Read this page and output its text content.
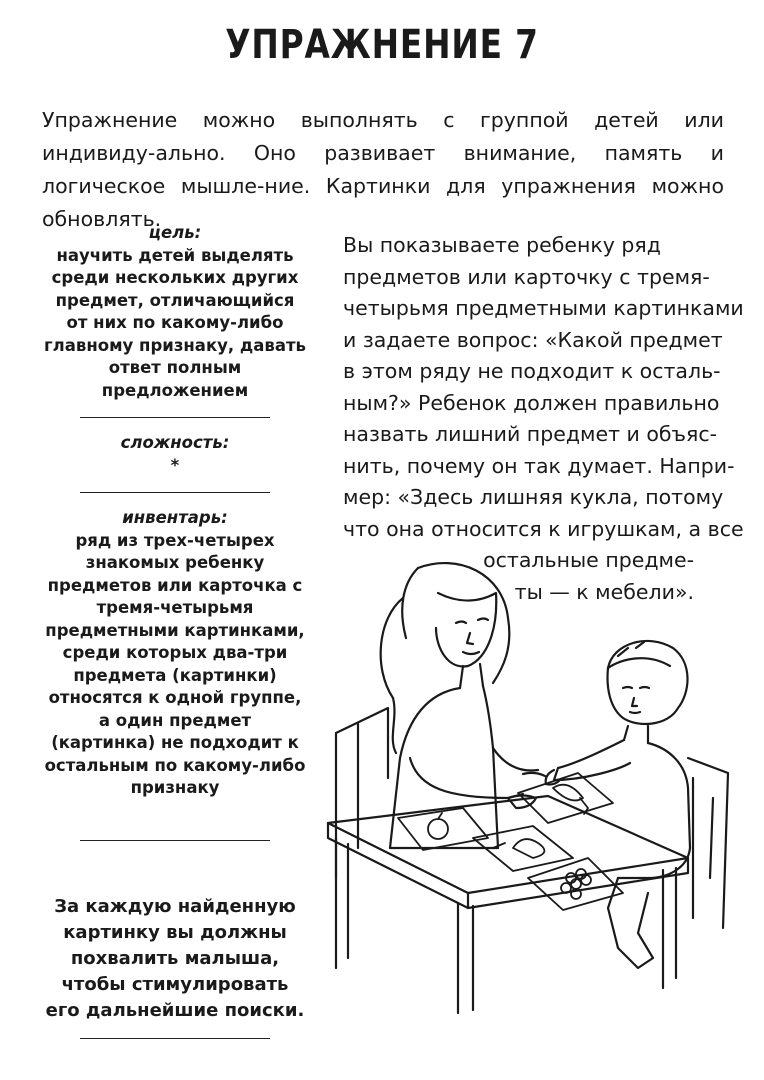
УПРАЖНЕНИЕ 7

Упражнение можно выполнять с группой детей или индивиду-ально. Оно развивает внимание, память и логическое мышле-ние. Картинки для упражнения можно обновлять.

цель:
научить детей выделять среди нескольких других предмет, отличающийся от них по какому-либо главному признаку, давать ответ полным предложением
сложность:
*
инвентарь:
ряд из трех-четырех знакомых ребенку предметов или карточка с тремя-четырьмя предметными картинками, среди которых два-три предмета (картинки) относятся к одной группе, а один предмет (картинка) не подходит к остальным по какому-либо признаку
За каждую найденную картинку вы должны похвалить малыша, чтобы стимулировать его дальнейшие поиски.
Вы показываете ребенку ряд
предметов или карточку с тремя-
четырьмя предметными картинками
и задаете вопрос: «Какой предмет
в этом ряду не подходит к осталь-
ным?» Ребенок должен правильно
назвать лишний предмет и объяс-
нить, почему он так думает. Напри-
мер: «Здесь лишняя кукла, потому
что она относится к игрушкам, а все
остальные предме-
ты — к мебели».
